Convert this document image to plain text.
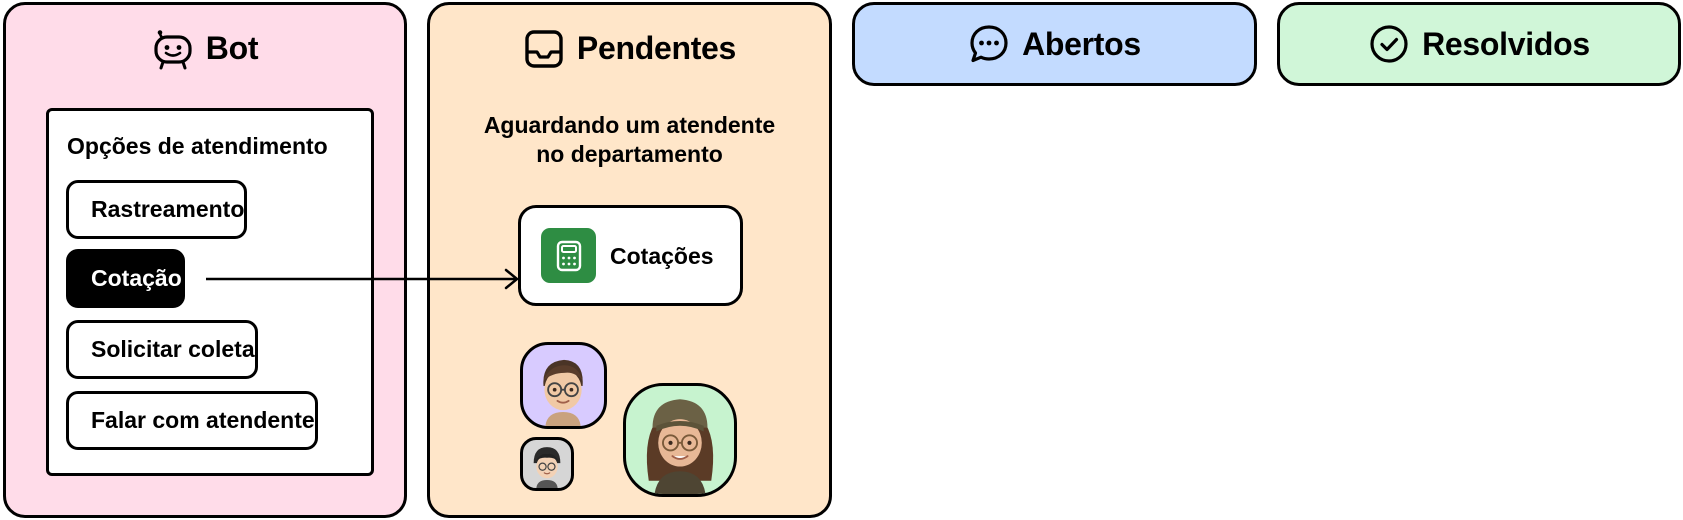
Bot
Opções de atendimento
Rastreamento
Cotação
Solicitar coleta
Falar com atendente
Pendentes
Aguardando um atendente
no departamento
Cotações
Abertos	Resolvidos
